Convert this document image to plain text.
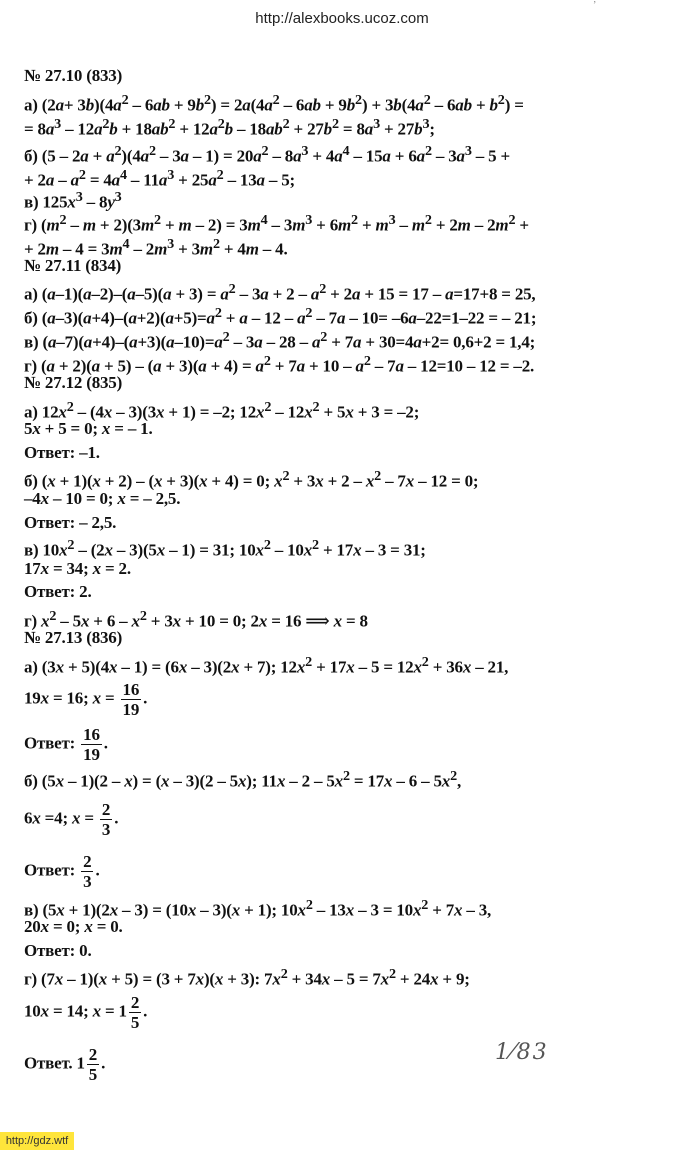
ʼ
http://alexbooks.ucoz.com
№ 27.10 (833)
а) $(2a+ 3b)(4a^2 - 6ab + 9b^2) = 2a(4a^2 - 6ab + 9b^2) + 3b(4a^2 - 6ab + b^2)$ =
= $8a^3 - 12a^2b + 18ab^2 + 12a^2b - 18ab^2 + 27b^2 = 8a^3 + 27b^3$;
б) $(5 - 2a + a^2)(4a^2 - 3a - 1) = 20a^2 - 8a^3 + 4a^4 - 15a + 6a^2 - 3a^3 - 5$ +
+ $2a - a^2 = 4a^4 - 11a^3 + 25a^2 - 13a - 5$;
в) $125x^3 - 8y^3$
г) $(m^2 - m + 2)(3m^2 + m - 2) = 3m^4 - 3m^3 + 6m^2 + m^3 - m^2 + 2m - 2m^2$ +
+ $2m - 4 = 3m^4 - 2m^3 + 3m^2 + 4m - 4$.
№ 27.11 (834)
а) $(a-1)(a-2)-(a-5)(a + 3) = a^2 - 3a + 2 - a^2 + 2a + 15 = 17 - a=17+8 = 25$,
б) $(a-3)(a+4)-(a+2)(a+5)=a^2 + a - 12 - a^2 - 7a - 10= -6a-22=1-22$ = – 21;
в) $(a-7)(a+4)-(a+3)(a-10)=a^2 - 3a - 28 - a^2 + 7a + 30=4a+2= 0,6+2 = 1,4$;
г) $(a + 2)(a + 5) - (a + 3)(a + 4) = a^2 + 7a + 10 - a^2 - 7a - 12=10 - 12 = -2$.
№ 27.12 (835)
а) $12x^2 - (4x - 3)(3x + 1) = -2$; $12x^2 - 12x^2 + 5x + 3 = -2$;
5x + 5 = 0; x = – 1.
Ответ: –1.
б) (x + 1)(x + 2) – (x + 3)(x + 4) = 0; $x^2 + 3x + 2 - x^2 - 7x - 12 = 0$;
–4x – 10 = 0; x = – 2,5.
Ответ: – 2,5.
в) $10x^2 - (2x - 3)(5x - 1) = 31$; $10x^2 - 10x^2 + 17x - 3 = 31$;
17x = 34; x = 2.
Ответ: 2.
г) $x^2 - 5x + 6 - x^2 + 3x + 10 = 0$; 2x = 16 ⟹ x = 8
№ 27.13 (836)
а) (3x + 5)(4x – 1) = (6x – 3)(2x + 7); $12x^2 + 17x - 5 = 12x^2 + 36x - 21$,
19x = 16; $x = \frac{16}{19}$ .
Ответ: $\frac{16}{19}$ .
б) (5x – 1)(2 – x) = (x – 3)(2 – 5x); $11x - 2 - 5x^2 = 17x - 6 - 5x^2$,
6x =4; $x = \frac{2}{3}$ .
Ответ: $\frac{2}{3}$ .
в) (5x + 1)(2x – 3) = (10x – 3)(x + 1); $10x^2 - 13x - 3 = 10x^2 + 7x - 3$,
20x = 0; x = 0.
Ответ: 0.
г) (7x – 1)(x + 5) = (3 + 7x)(x + 3): $7x^2 + 34x - 5 = 7x^2 + 24x + 9$;
10x = 14; $x = 1 \frac{2}{5}$ .
Ответ. $1 \frac{2}{5}$ .	1⁄83
http://gdz.wtf
